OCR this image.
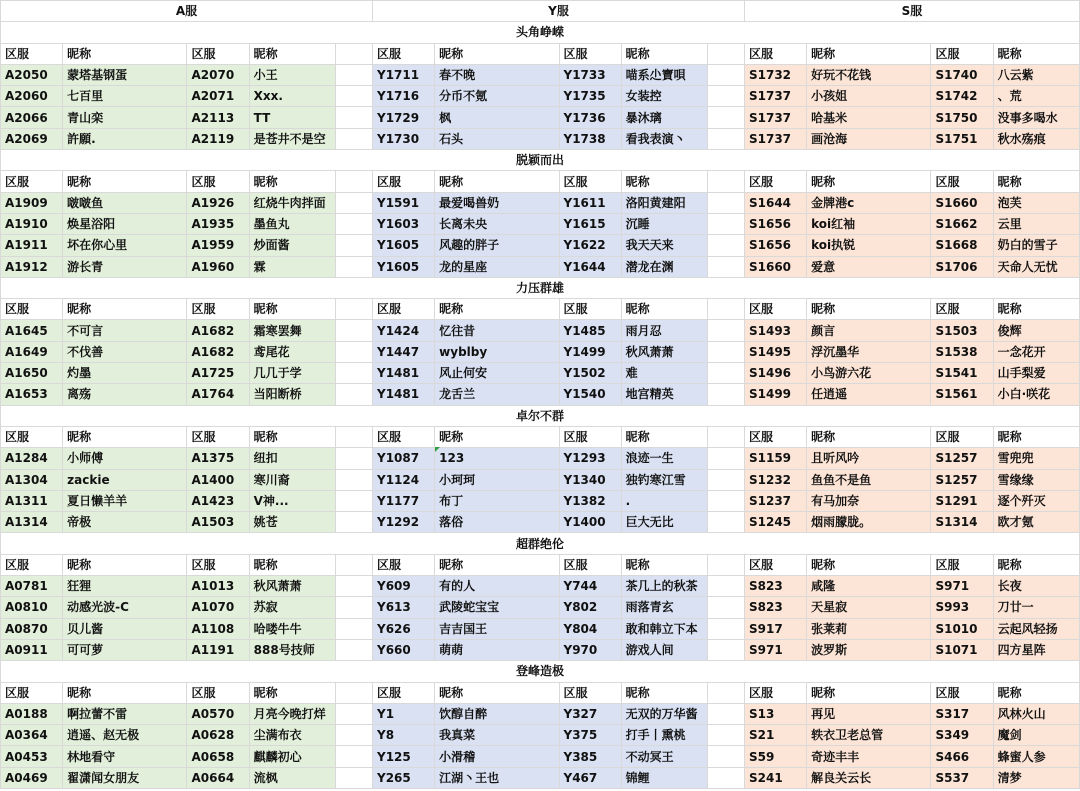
A服					Y服					S服			
头角峥嵘													
区服	昵称	区服	昵称		区服	昵称	区服	昵称		区服	昵称	区服	昵称
A2050	蒙塔基钢蛋	A2070	小王		Y1711	春不晚	Y1733	喵系尐寶唄		S1732	好玩不花钱	S1740	八云紫
A2060	七百里	A2071	Xxx.		Y1716	分币不氪	Y1735	女装控		S1737	小孩姐	S1742	、荒
A2066	青山栾	A2113	TT		Y1729	枫	Y1736	暴沐璃		S1737	哈基米	S1750	没事多喝水
A2069	許願.	A2119	是苍井不是空		Y1730	石头	Y1738	看我表演丶		S1737	画沧海	S1751	秋水殇痕
脱颖而出													
区服	昵称	区服	昵称		区服	昵称	区服	昵称		区服	昵称	区服	昵称
A1909	啵啵鱼	A1926	红烧牛肉拌面		Y1591	最爱喝兽奶	Y1611	洛阳黄建阳		S1644	金牌港c	S1660	泡芙
A1910	焕星浴阳	A1935	墨鱼丸		Y1603	长离未央	Y1615	沉睡		S1656	koi红袖	S1662	云里
A1911	坏在你心里	A1959	炒面酱		Y1605	风趣的胖子	Y1622	我天天来		S1656	koi执锐	S1668	奶白的雪子
A1912	游长青	A1960	霖		Y1605	龙的星座	Y1644	潜龙在渊		S1660	爱意	S1706	天命人无忧
力压群雄													
区服	昵称	区服	昵称		区服	昵称	区服	昵称		区服	昵称	区服	昵称
A1645	不可言	A1682	霜寒罢舞		Y1424	忆往昔	Y1485	雨月忍		S1493	颜言	S1503	俊辉
A1649	不伐善	A1682	鸢尾花		Y1447	wyblby	Y1499	秋风萧萧		S1495	浮沉墨华	S1538	一念花开
A1650	灼墨	A1725	几几于学		Y1481	风止何安	Y1502	难		S1496	小鸟游六花	S1541	山手梨爱
A1653	离殇	A1764	当阳断桥		Y1481	龙舌兰	Y1540	地宫精英		S1499	任逍遥	S1561	小白·咲花
卓尔不群													
区服	昵称	区服	昵称		区服	昵称	区服	昵称		区服	昵称	区服	昵称
A1284	小师傅	A1375	纽扣		Y1087	123	Y1293	浪迹一生		S1159	且听风吟	S1257	雪兜兜
A1304	zackie	A1400	寒川裔		Y1124	小珂珂	Y1340	独钓寒江雪		S1232	鱼鱼不是鱼	S1257	雪缘缘
A1311	夏日懒羊羊	A1423	V神...		Y1177	布丁	Y1382	.		S1237	有马加奈	S1291	逐个歼灭
A1314	帝极	A1503	姚苍		Y1292	落俗	Y1400	巨大无比		S1245	烟雨朦胧。	S1314	欧才氪
超群绝伦													
区服	昵称	区服	昵称		区服	昵称	区服	昵称		区服	昵称	区服	昵称
A0781	狂狸	A1013	秋风萧萧		Y609	有的人	Y744	茶几上的秋茶		S823	咸隆	S971	长夜
A0810	动感光波-C	A1070	苏寂		Y613	武陵蛇宝宝	Y802	雨落青玄		S823	天星寂	S993	刀廿一
A0870	贝儿酱	A1108	哈喽牛牛		Y626	吉吉国王	Y804	敢和韩立下本		S917	张莱莉	S1010	云起风轻扬
A0911	可可萝	A1191	888号技师		Y660	萌萌	Y970	游戏人间		S971	波罗斯	S1071	四方星阵
登峰造极													
区服	昵称	区服	昵称		区服	昵称	区服	昵称		区服	昵称	区服	昵称
A0188	啊拉蕾不雷	A0570	月亮今晚打烊		Y1	饮醇自醉	Y327	无双的万华酱		S13	再见	S317	风林火山
A0364	逍遥、赵无极	A0628	尘满布衣		Y8	我真菜	Y375	打手丨熏桃		S21	轶衣卫老总管	S349	魔剑
A0453	林地看守	A0658	麒麟初心		Y125	小滑稽	Y385	不动冥王		S59	奇迹丰丰	S466	蜂蜜人参
A0469	翟潇闻女朋友	A0664	流枫		Y265	江湖丶王也	Y467	锦鲤		S241	解良关云长	S537	清梦
